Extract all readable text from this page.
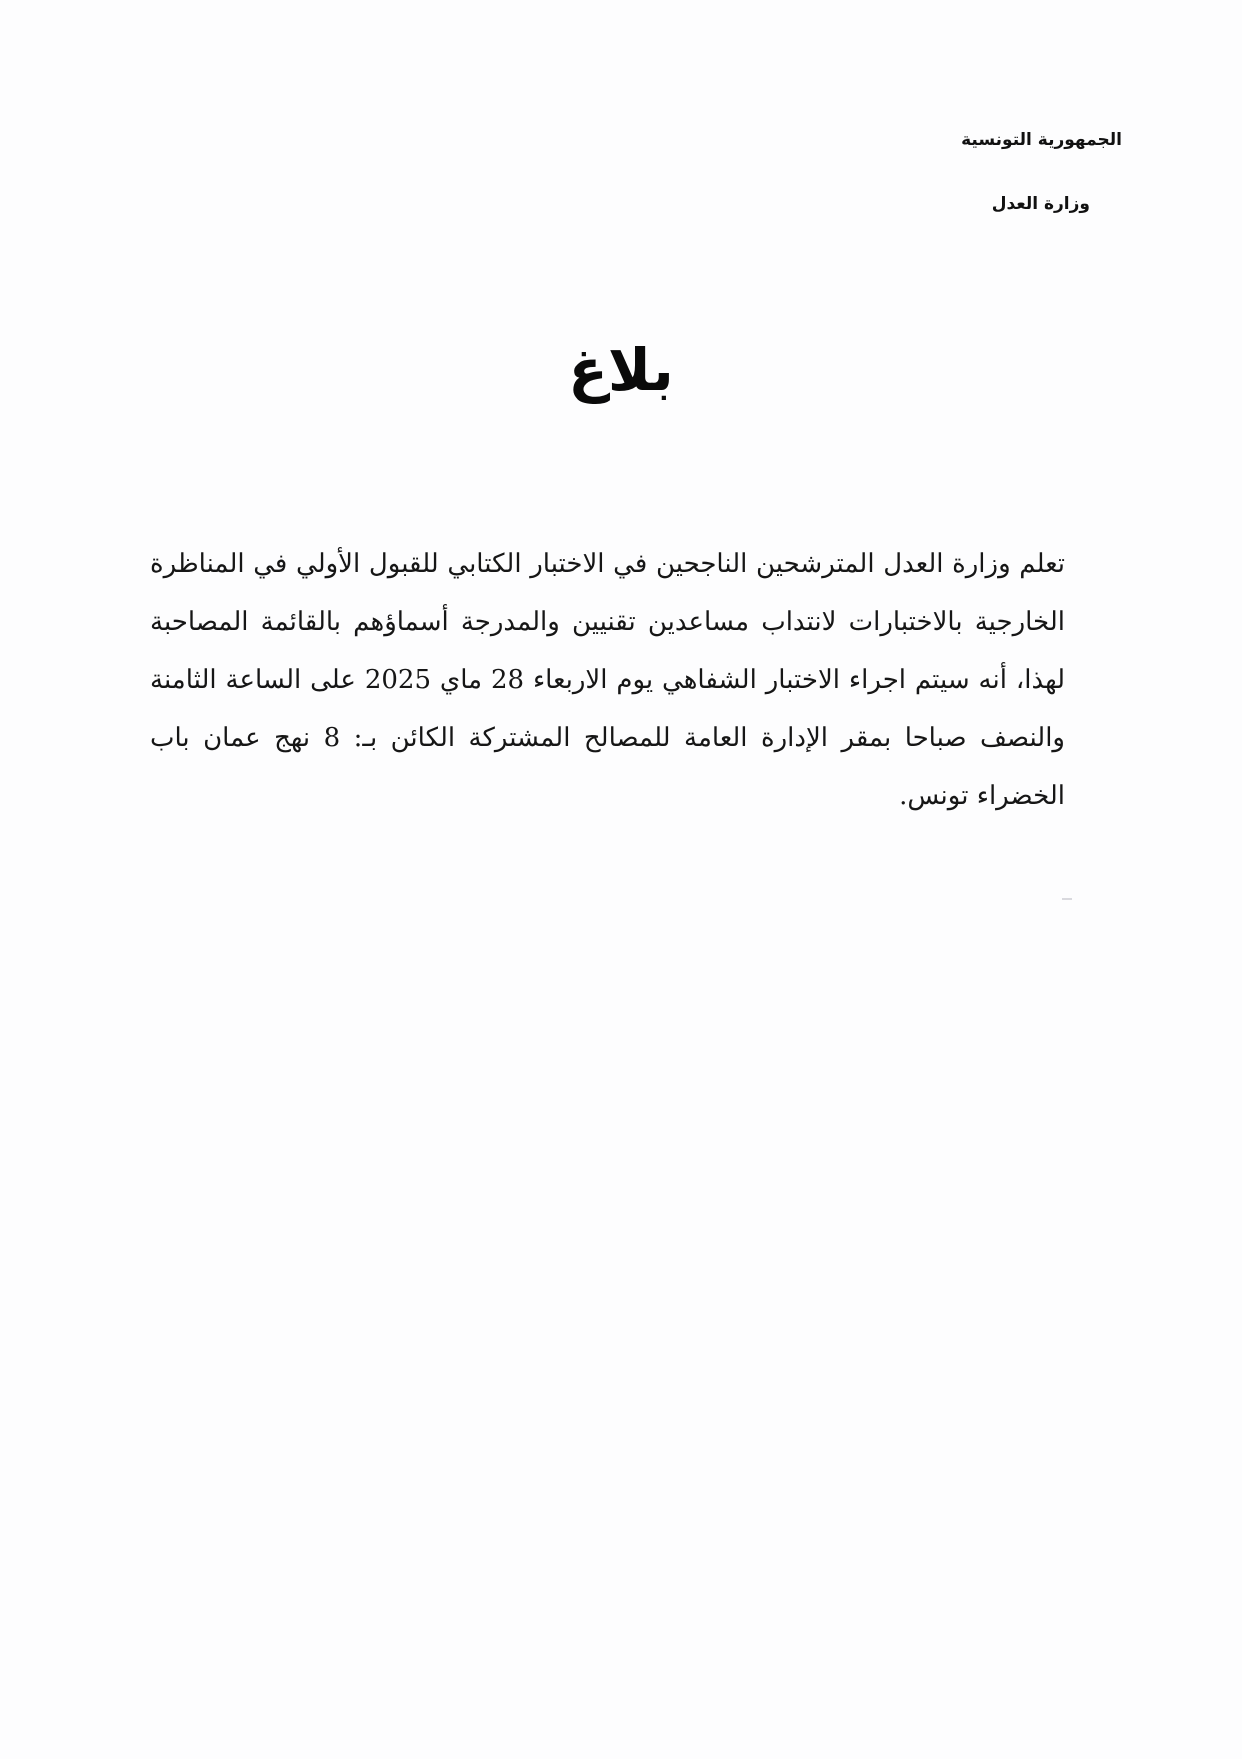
الجمهورية التونسية
وزارة العدل
بلاغ
تعلم وزارة العدل المترشحين الناجحين في الاختبار الكتابي للقبول الأولي في المناظرة الخارجية بالاختبارات لانتداب مساعدين تقنيين والمدرجة أسماؤهم بالقائمة المصاحبة لهذا، أنه سيتم اجراء الاختبار الشفاهي يوم الاربعاء 28 ماي 2025 على الساعة الثامنة والنصف صباحا بمقر الإدارة العامة للمصالح المشتركة الكائن بـ: 8 نهج عمان باب الخضراء تونس.
